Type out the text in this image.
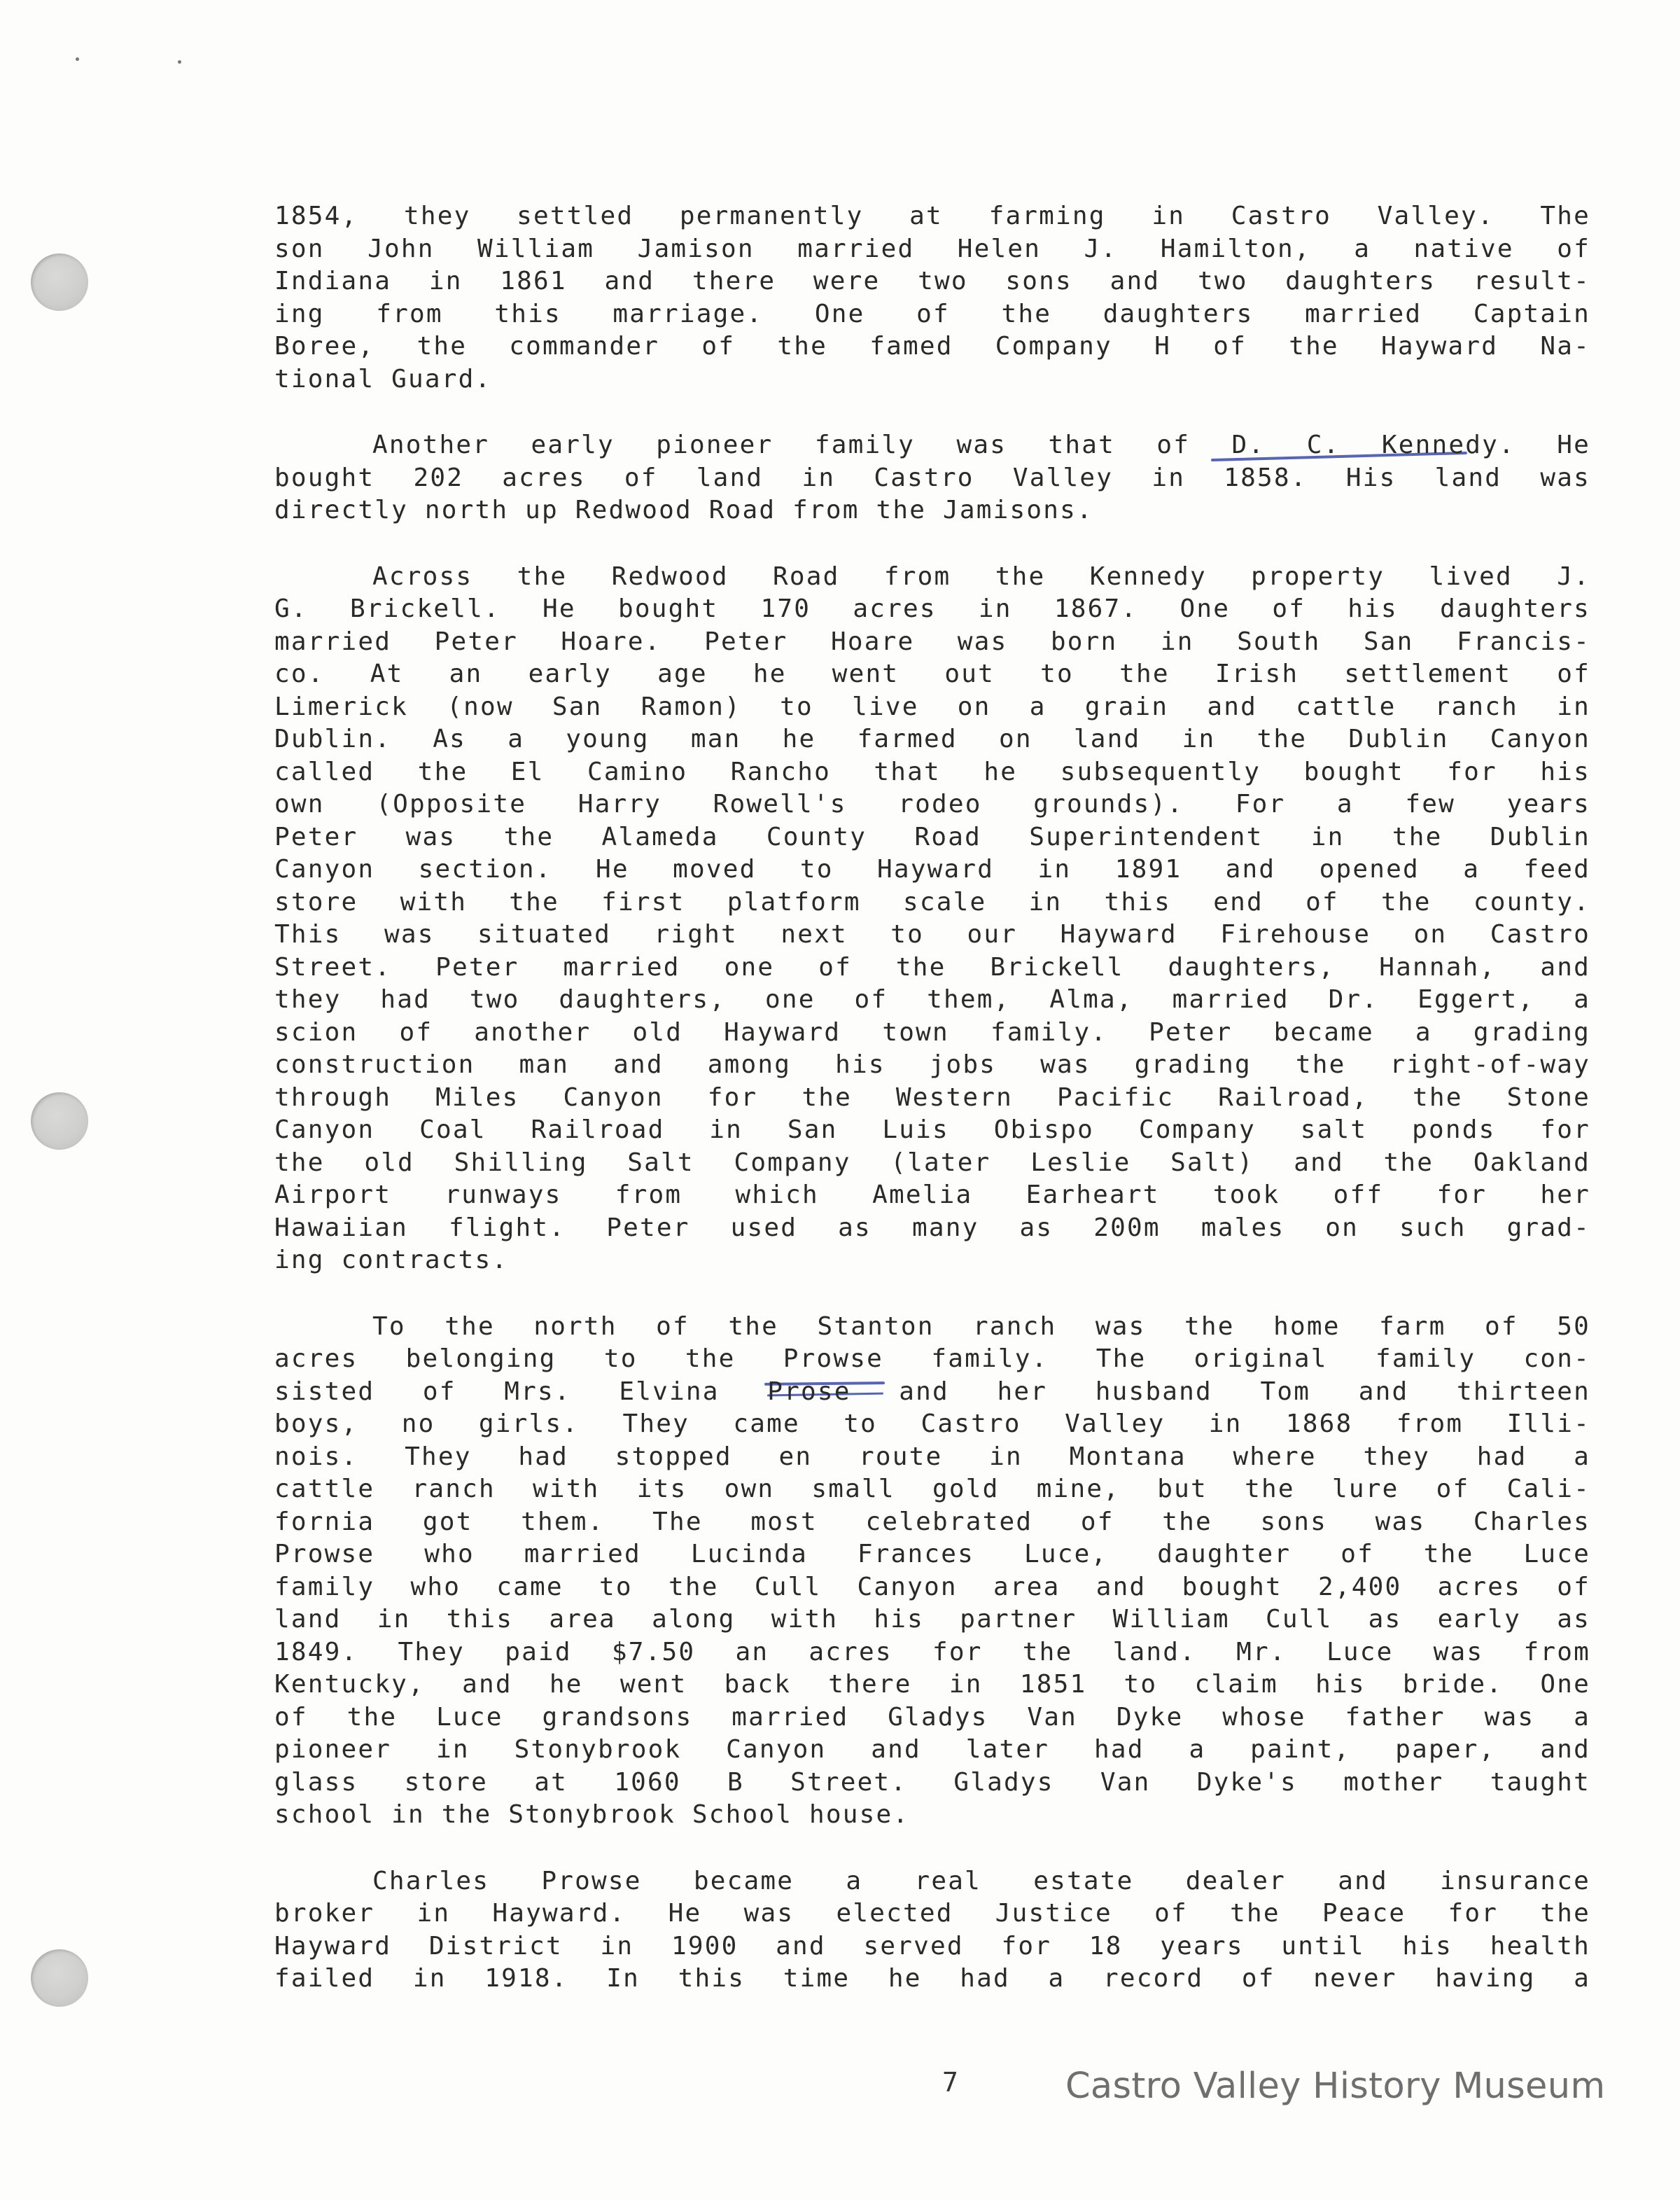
1854, they settled permanently at farming in Castro Valley. The
son John William Jamison married Helen J. Hamilton, a native of
Indiana in 1861 and there were two sons and two daughters result-
ing from this marriage. One of the daughters married Captain
Boree, the commander of the famed Company H of the Hayward Na-
tional Guard.
Another early pioneer family was that of D. C. Kennedy. He
bought 202 acres of land in Castro Valley in 1858. His land was
directly north up Redwood Road from the Jamisons.
Across the Redwood Road from the Kennedy property lived J.
G. Brickell. He bought 170 acres in 1867. One of his daughters
married Peter Hoare. Peter Hoare was born in South San Francis-
co. At an early age he went out to the Irish settlement of
Limerick (now San Ramon) to live on a grain and cattle ranch in
Dublin. As a young man he farmed on land in the Dublin Canyon
called the El Camino Rancho that he subsequently bought for his
own (Opposite Harry Rowell's rodeo grounds). For a few years
Peter was the Alameda County Road Superintendent in the Dublin
Canyon section. He moved to Hayward in 1891 and opened a feed
store with the first platform scale in this end of the county.
This was situated right next to our Hayward Firehouse on Castro
Street. Peter married one of the Brickell daughters, Hannah, and
they had two daughters, one of them, Alma, married Dr. Eggert, a
scion of another old Hayward town family. Peter became a grading
construction man and among his jobs was grading the right-of-way
through Miles Canyon for the Western Pacific Railroad, the Stone
Canyon Coal Railroad in San Luis Obispo Company salt ponds for
the old Shilling Salt Company (later Leslie Salt) and the Oakland
Airport runways from which Amelia Earheart took off for her
Hawaiian flight. Peter used as many as 200m males on such grad-
ing contracts.
To the north of the Stanton ranch was the home farm of 50
acres belonging to the Prowse family. The original family con-
sisted of Mrs. Elvina Prose and her husband Tom and thirteen
boys, no girls. They came to Castro Valley in 1868 from Illi-
nois. They had stopped en route in Montana where they had a
cattle ranch with its own small gold mine, but the lure of Cali-
fornia got them. The most celebrated of the sons was Charles
Prowse who married Lucinda Frances Luce, daughter of the Luce
family who came to the Cull Canyon area and bought 2,400 acres of
land in this area along with his partner William Cull as early as
1849. They paid $7.50 an acres for the land. Mr. Luce was from
Kentucky, and he went back there in 1851 to claim his bride. One
of the Luce grandsons married Gladys Van Dyke whose father was a
pioneer in Stonybrook Canyon and later had a paint, paper, and
glass store at 1060 B Street. Gladys Van Dyke's mother taught
school in the Stonybrook School house.
Charles Prowse became a real estate dealer and insurance
broker in Hayward. He was elected Justice of the Peace for the
Hayward District in 1900 and served for 18 years until his health
failed in 1918. In this time he had a record of never having a
7	Castro Valley History Museum
